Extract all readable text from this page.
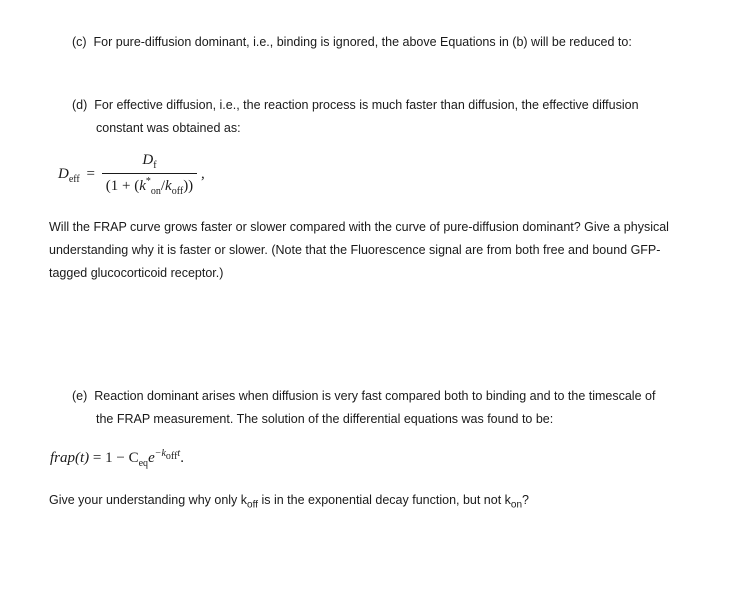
(c) For pure-diffusion dominant, i.e., binding is ignored, the above Equations in (b) will be reduced to:
(d) For effective diffusion, i.e., the reaction process is much faster than diffusion, the effective diffusion
constant was obtained as:
$D_{eff} = \frac{D_f}{(1 + (k^*_{on}/k_{off}))}$ ,
Will the FRAP curve grows faster or slower compared with the curve of pure-diffusion dominant? Give a physical
understanding why it is faster or slower. (Note that the Fluorescence signal are from both free and bound GFP-
tagged glucocorticoid receptor.)
(e) Reaction dominant arises when diffusion is very fast compared both to binding and to the timescale of
the FRAP measurement. The solution of the differential equations was found to be:
frap(t) = $1 - C_{eq}e^{-k_{off}t}$.
Give your understanding why only $k_{off}$ is in the exponential decay function, but not $k_{on}$?
